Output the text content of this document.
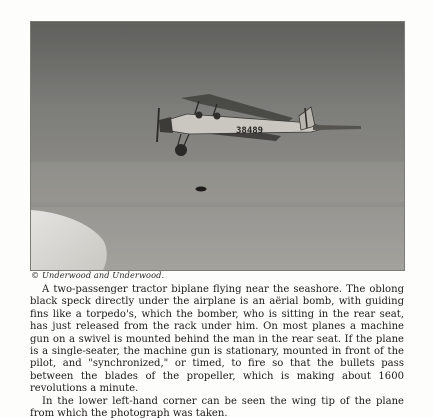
38489
© Underwood and Underwood.

A two-passenger tractor biplane flying near the seashore. The oblong black speck directly under the airplane is an aërial bomb, with guiding fins like a torpedo's, which the bomber, who is sitting in the rear seat, has just released from the rack under him. On most planes a machine gun on a swivel is mounted behind the man in the rear seat. If the plane is a single-seater, the machine gun is stationary, mounted in front of the pilot, and "synchronized," or timed, to fire so that the bullets pass between the blades of the propeller, which is making about 1600 revolutions a minute.

In the lower left-hand corner can be seen the wing tip of the plane from which the photograph was taken.
